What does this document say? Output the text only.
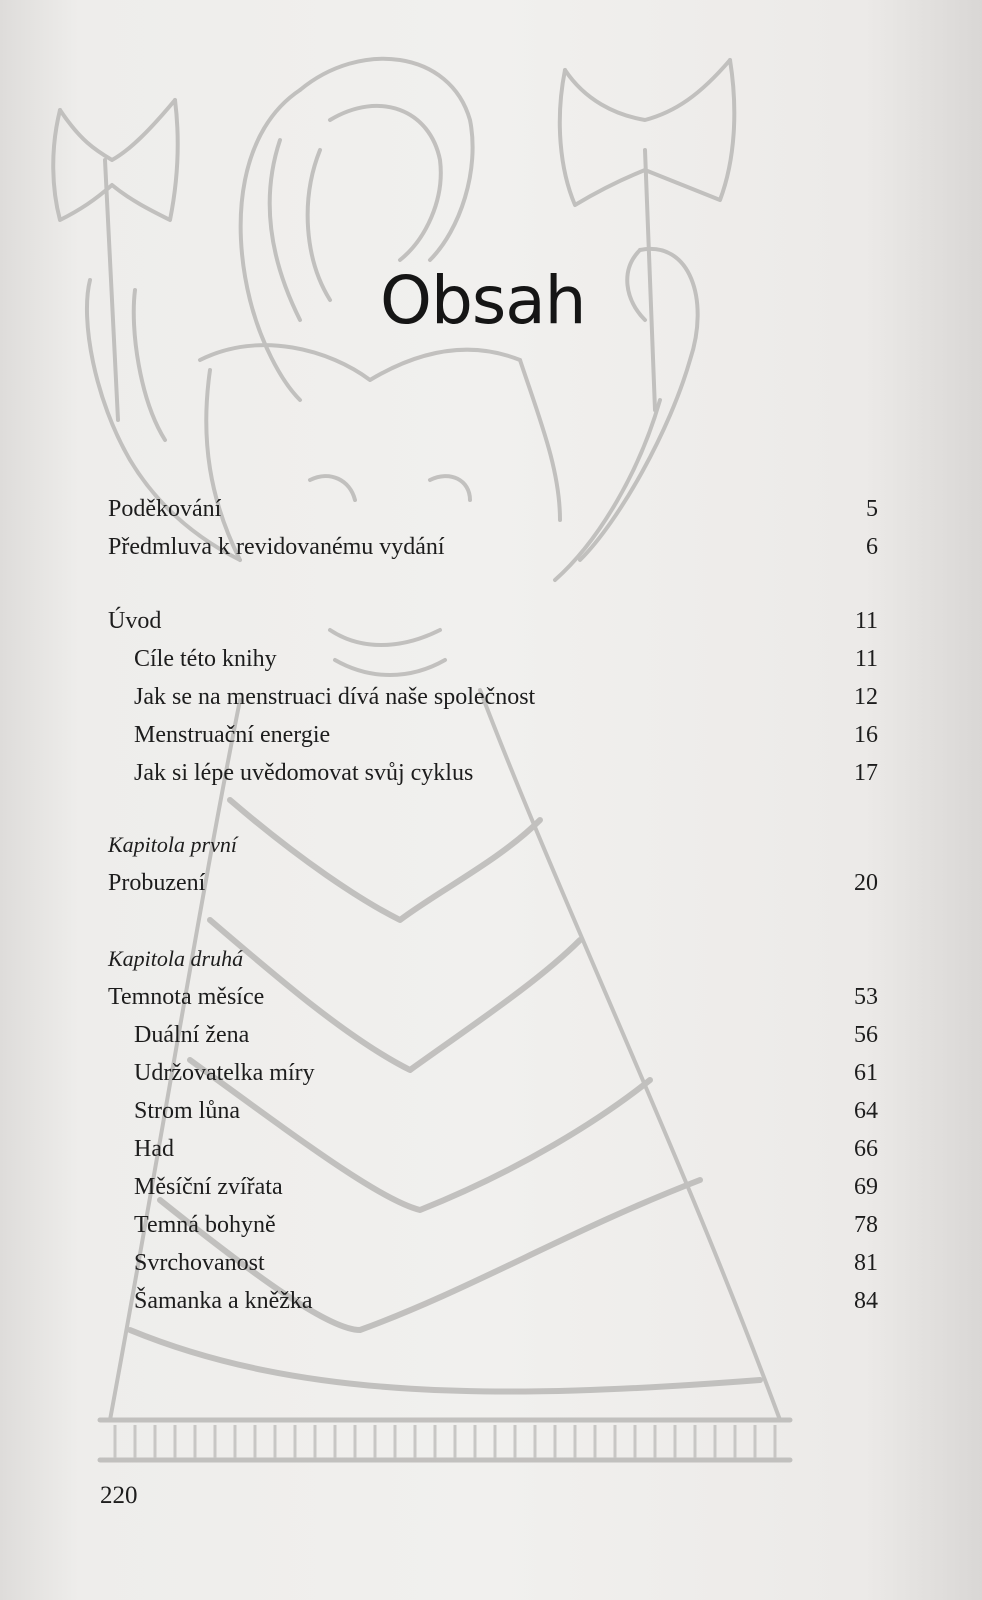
Obsah
Poděkování	5
Předmluva k revidovanému vydání	6
Úvod	11
Cíle této knihy	11
Jak se na menstruaci dívá naše společnost	12
Menstruační energie	16
Jak si lépe uvědomovat svůj cyklus	17
Kapitola první
Probuzení	20
Kapitola druhá
Temnota měsíce	53
Duální žena	56
Udržovatelka míry	61
Strom lůna	64
Had	66
Měsíční zvířata	69
Temná bohyně	78
Svrchovanost	81
Šamanka a kněžka	84
220
